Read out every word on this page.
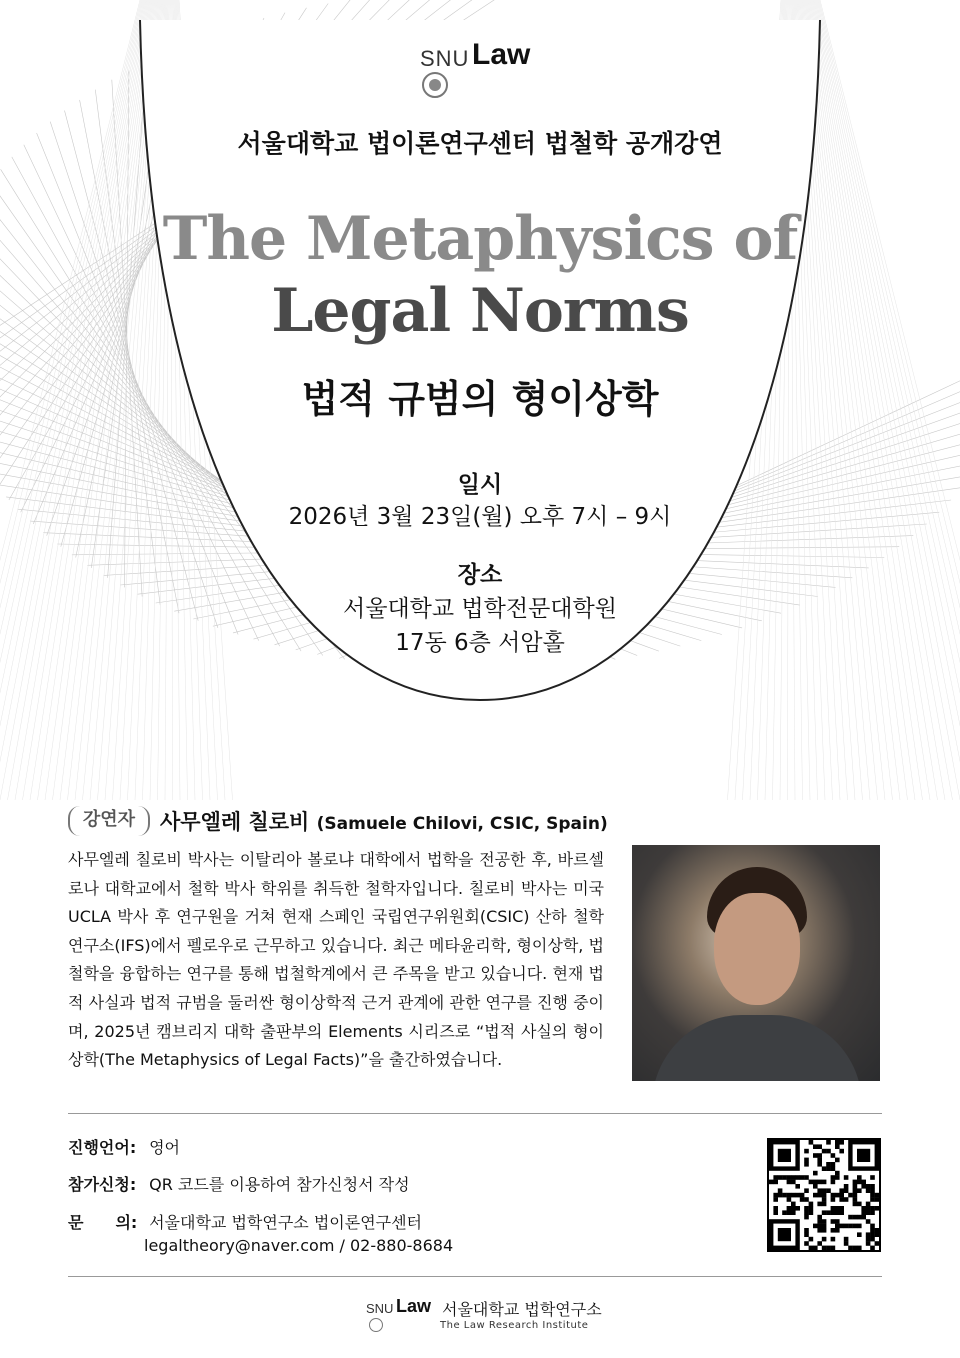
SNU Law
서울대학교 법이론연구센터 법철학 공개강연
The Metaphysics of
Legal Norms
법적 규범의 형이상학
일시
2026년 3월 23일(월) 오후 7시 – 9시
장소
서울대학교 법학전문대학원
17동 6층 서암홀
강연자	사무엘레 칠로비 (Samuele Chilovi, CSIC, Spain)
사무엘레 칠로비 박사는 이탈리아 볼로냐 대학에서 법학을 전공한 후, 바르셀로나 대학교에서 철학 박사 학위를 취득한 철학자입니다. 칠로비 박사는 미국 UCLA 박사 후 연구원을 거쳐 현재 스페인 국립연구위원회(CSIC) 산하 철학연구소(IFS)에서 펠로우로 근무하고 있습니다. 최근 메타윤리학, 형이상학, 법철학을 융합하는 연구를 통해 법철학계에서 큰 주목을 받고 있습니다. 현재 법적 사실과 법적 규범을 둘러싼 형이상학적 근거 관계에 관한 연구를 진행 중이며, 2025년 캠브리지 대학 출판부의 Elements 시리즈로 “법적 사실의 형이상학(The Metaphysics of Legal Facts)”을 출간하였습니다.
진행언어: 영어
참가신청: QR 코드를 이용하여 참가신청서 작성
문　　의: 서울대학교 법학연구소 법이론연구센터
legaltheory@naver.com / 02-880-8684
SNU Law 서울대학교 법학연구소
The Law Research Institute
